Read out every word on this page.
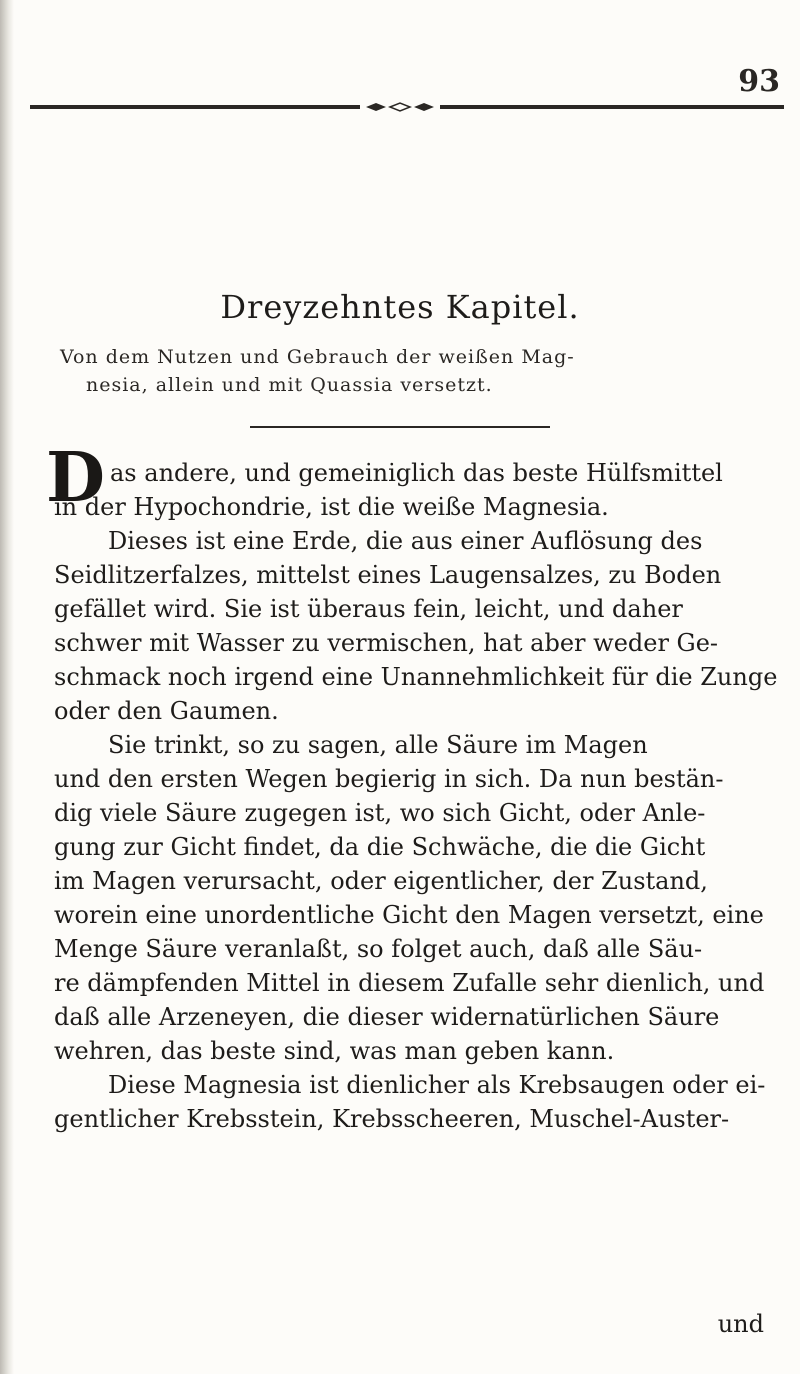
93
Dreyzehntes Kapitel.
Von dem Nutzen und Gebrauch der weißen Mag-
nesia, allein und mit Quassia versetzt.
D as andere, und gemeiniglich das beste Hülfsmittel
in der Hypochondrie, ist die weiße Magnesia.
Dieses ist eine Erde, die aus einer Auflösung des
Seidlitzerfalzes, mittelst eines Laugensalzes, zu Boden
gefället wird. Sie ist überaus fein, leicht, und daher
schwer mit Wasser zu vermischen, hat aber weder Ge-
schmack noch irgend eine Unannehmlichkeit für die Zunge
oder den Gaumen.
Sie trinkt, so zu sagen, alle Säure im Magen
und den ersten Wegen begierig in sich. Da nun bestän-
dig viele Säure zugegen ist, wo sich Gicht, oder Anle-
gung zur Gicht findet, da die Schwäche, die die Gicht
im Magen verursacht, oder eigentlicher, der Zustand,
worein eine unordentliche Gicht den Magen versetzt, eine
Menge Säure veranlaßt, so folget auch, daß alle Säu-
re dämpfenden Mittel in diesem Zufalle sehr dienlich, und
daß alle Arzeneyen, die dieser widernatürlichen Säure
wehren, das beste sind, was man geben kann.
Diese Magnesia ist dienlicher als Krebsaugen oder ei-
gentlicher Krebsstein, Krebsscheeren, Muschel-Auster-
und
